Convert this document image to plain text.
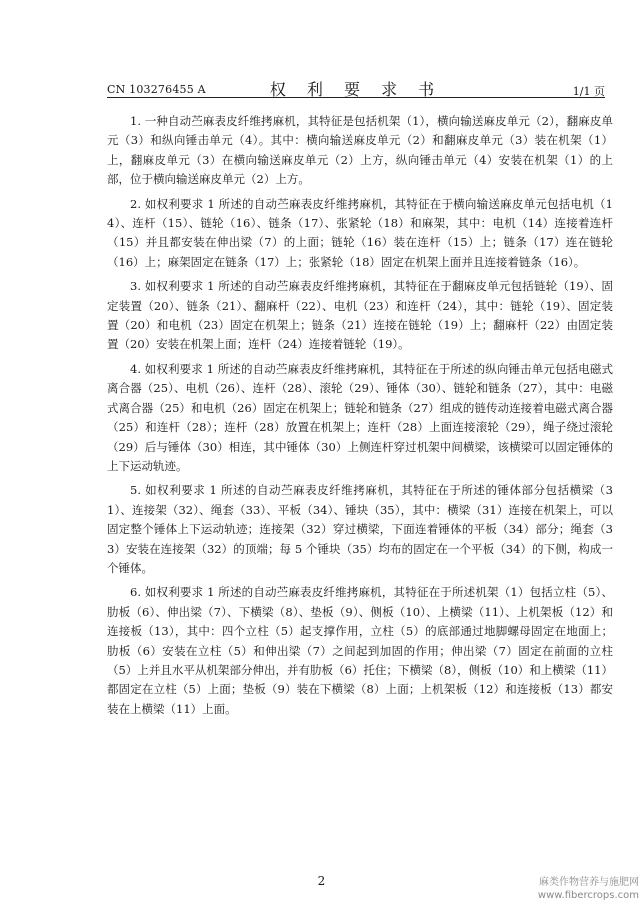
CN 103276455 A	权 利 要 求 书	1/1 页

1. 一种自动苎麻表皮纤维拷麻机，其特征是包括机架（1），横向输送麻皮单元（2），翻麻皮单元（3）和纵向锤击单元（4）。其中：横向输送麻皮单元（2）和翻麻皮单元（3）装在机架（1）上，翻麻皮单元（3）在横向输送麻皮单元（2）上方，纵向锤击单元（4）安装在机架（1）的上部，位于横向输送麻皮单元（2）上方。

2. 如权利要求 1 所述的自动苎麻表皮纤维拷麻机，其特征在于横向输送麻皮单元包括电机（14）、连杆（15）、链轮（16）、链条（17）、张紧轮（18）和麻架，其中：电机（14）连接着连杆（15）并且都安装在伸出梁（7）的上面；链轮（16）装在连杆（15）上；链条（17）连在链轮（16）上；麻架固定在链条（17）上；张紧轮（18）固定在机架上面并且连接着链条（16）。

3. 如权利要求 1 所述的自动苎麻表皮纤维拷麻机，其特征在于翻麻皮单元包括链轮（19）、固定装置（20）、链条（21）、翻麻杆（22）、电机（23）和连杆（24），其中：链轮（19）、固定装置（20）和电机（23）固定在机架上；链条（21）连接在链轮（19）上；翻麻杆（22）由固定装置（20）安装在机架上面；连杆（24）连接着链轮（19）。

4. 如权利要求 1 所述的自动苎麻表皮纤维拷麻机，其特征在于所述的纵向锤击单元包括电磁式离合器（25）、电机（26）、连杆（28）、滚轮（29）、锤体（30）、链轮和链条（27），其中：电磁式离合器（25）和电机（26）固定在机架上；链轮和链条（27）组成的链传动连接着电磁式离合器（25）和连杆（28）；连杆（28）放置在机架上；连杆（28）上面连接滚轮（29），绳子绕过滚轮（29）后与锤体（30）相连，其中锤体（30）上侧连杆穿过机架中间横梁，该横梁可以固定锤体的上下运动轨迹。

5. 如权利要求 1 所述的自动苎麻表皮纤维拷麻机，其特征在于所述的锤体部分包括横梁（31）、连接架（32）、绳套（33）、平板（34）、锤块（35），其中：横梁（31）连接在机架上，可以固定整个锤体上下运动轨迹；连接架（32）穿过横梁，下面连着锤体的平板（34）部分；绳套（33）安装在连接架（32）的顶端；每 5 个锤块（35）均布的固定在一个平板（34）的下侧，构成一个锤体。

6. 如权利要求 1 所述的自动苎麻表皮纤维拷麻机，其特征在于所述机架（1）包括立柱（5）、肋板（6）、伸出梁（7）、下横梁（8）、垫板（9）、侧板（10）、上横梁（11）、上机架板（12）和连接板（13），其中：四个立柱（5）起支撑作用，立柱（5）的底部通过地脚螺母固定在地面上；肋板（6）安装在立柱（5）和伸出梁（7）之间起到加固的作用；伸出梁（7）固定在前面的立柱（5）上并且水平从机架部分伸出，并有肋板（6）托住；下横梁（8），侧板（10）和上横梁（11）都固定在立柱（5）上面；垫板（9）装在下横梁（8）上面；上机架板（12）和连接板（13）都安装在上横梁（11）上面。

2	麻类作物营养与施肥网
www.fibercrops.com
